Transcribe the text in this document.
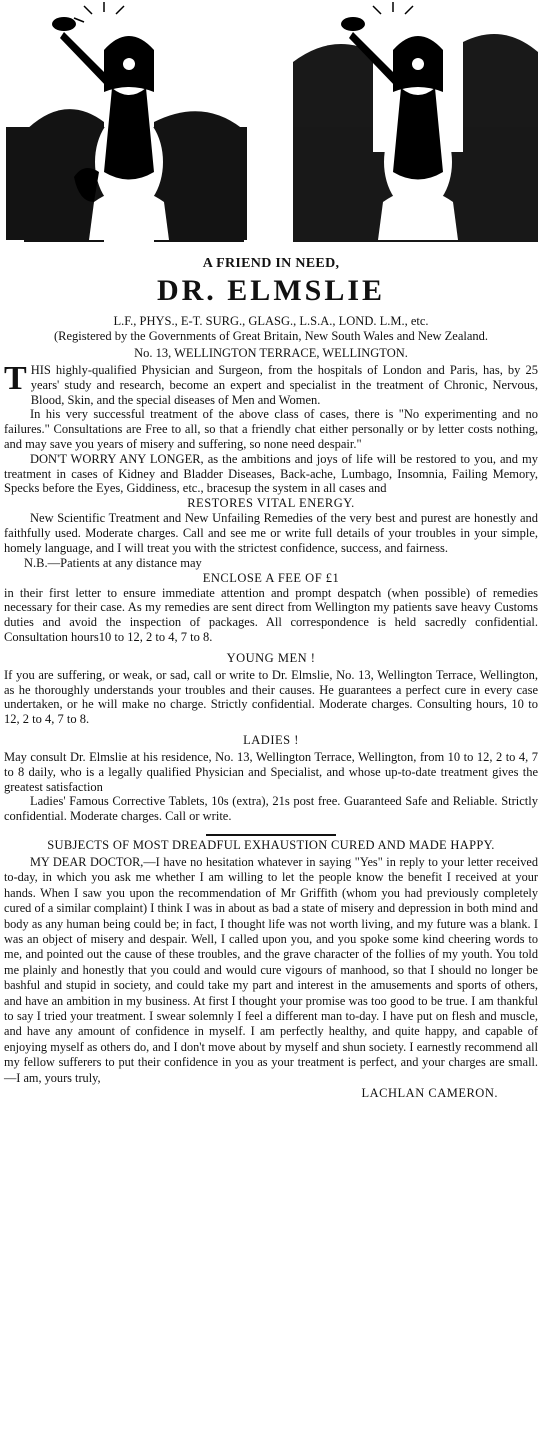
A FRIEND IN NEED,
DR. ELMSLIE

L.F., PHYS., E-T. SURG., GLASG., L.S.A., LOND. L.M., etc.

(Registered by the Governments of Great Britain, New South Wales and New Zealand.

No. 13, WELLINGTON TERRACE, WELLINGTON.

T HIS highly-qualified Physician and Surgeon, from the hospitals of London and Paris, has, by 25 years' study and research, become an expert and specialist in the treatment of Chronic, Nervous, Blood, Skin, and the special diseases of Men and Women.

In his very successful treatment of the above class of cases, there is "No experimenting and no failures." Consultations are Free to all, so that a friendly chat either personally or by letter costs nothing, and may save you years of misery and suffering, so none need despair."

DON'T WORRY ANY LONGER, as the ambitions and joys of life will be restored to you, and my treatment in cases of Kidney and Bladder Diseases, Back-ache, Lumbago, Insomnia, Failing Memory, Specks before the Eyes, Giddiness, etc., bracesup the system in all cases and

RESTORES VITAL ENERGY.

New Scientific Treatment and New Unfailing Remedies of the very best and purest are honestly and faithfully used. Moderate charges. Call and see me or write full details of your troubles in your simple, homely language, and I will treat you with the strictest confidence, success, and fairness.

N.B.—Patients at any distance may

ENCLOSE A FEE OF £1

in their first letter to ensure immediate attention and prompt despatch (when possible) of remedies necessary for their case. As my remedies are sent direct from Wellington my patients save heavy Customs duties and avoid the inspection of packages. All correspondence is held sacredly confidential. Consultation hours10 to 12, 2 to 4, 7 to 8.

YOUNG MEN !

If you are suffering, or weak, or sad, call or write to Dr. Elmslie, No. 13, Wellington Terrace, Wellington, as he thoroughly understands your troubles and their causes. He guarantees a perfect cure in every case undertaken, or he will make no charge. Strictly confidential. Moderate charges. Consulting hours, 10 to 12, 2 to 4, 7 to 8.

LADIES !

May consult Dr. Elmslie at his residence, No. 13, Wellington Terrace, Wellington, from 10 to 12, 2 to 4, 7 to 8 daily, who is a legally qualified Physician and Specialist, and whose up-to-date treatment gives the greatest satisfaction

Ladies' Famous Corrective Tablets, 10s (extra), 21s post free. Guaranteed Safe and Reliable. Strictly confidential. Moderate charges. Call or write.

SUBJECTS OF MOST DREADFUL EXHAUSTION CURED AND MADE HAPPY.

MY DEAR DOCTOR,—I have no hesitation whatever in saying "Yes" in reply to your letter received to-day, in which you ask me whether I am willing to let the people know the benefit I received at your hands. When I saw you upon the recommendation of Mr Griffith (whom you had previously completely cured of a similar complaint) I think I was in about as bad a state of misery and depression in both mind and body as any human being could be; in fact, I thought life was not worth living, and my future was a blank. I was an object of misery and despair. Well, I called upon you, and you spoke some kind cheering words to me, and pointed out the cause of these troubles, and the grave character of the follies of my youth. You told me plainly and honestly that you could and would cure vigours of manhood, so that I should no longer be bashful and stupid in society, and could take my part and interest in the amusements and sports of others, and have an ambition in my business. At first I thought your promise was too good to be true. I am thankful to say I tried your treatment. I swear solemnly I feel a different man to-day. I have put on flesh and muscle, and have any amount of confidence in myself. I am perfectly healthy, and quite happy, and capable of enjoying myself as others do, and I don't move about by myself and shun society. I earnestly recommend all my fellow sufferers to put their confidence in you as your treatment is perfect, and your charges are small.—I am, yours truly,

LACHLAN CAMERON.
